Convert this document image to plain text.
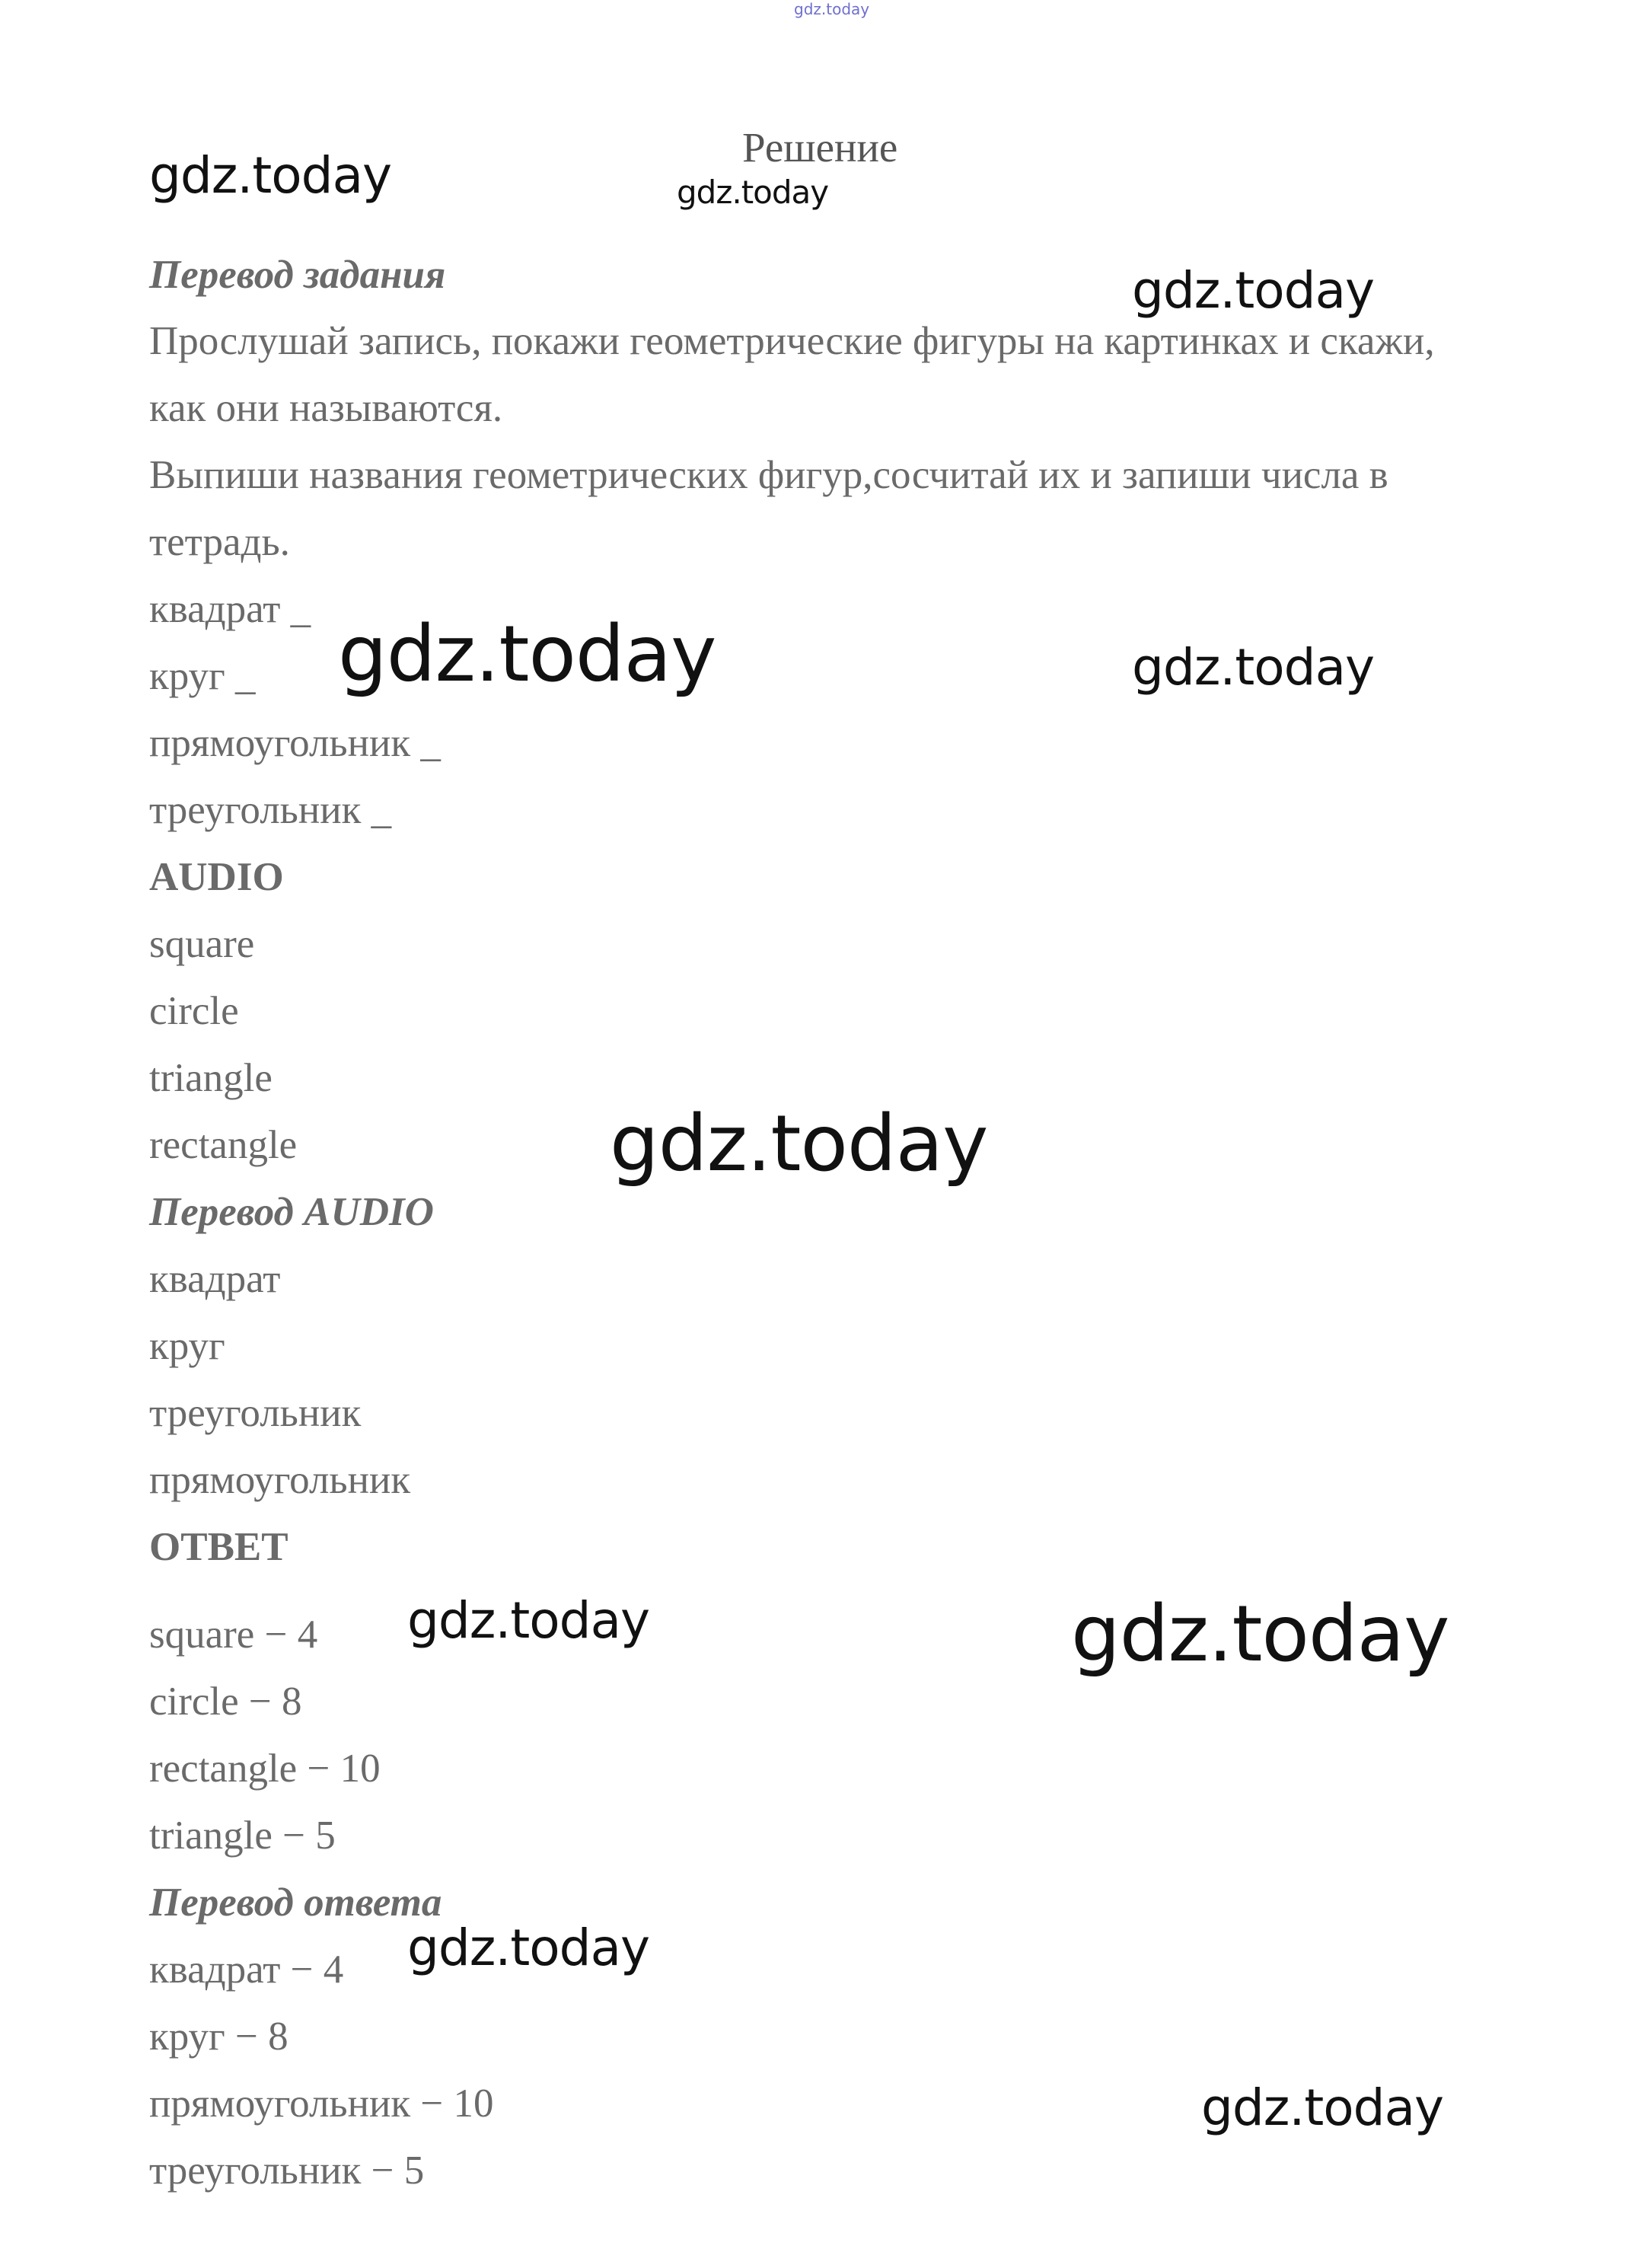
gdz.today
Решение
Перевод задания
Прослушай запись, покажи геометрические фигуры на картинках и скажи, как они называются.
Выпиши названия геометрических фигур,сосчитай их и запиши числа в тетрадь.
квадрат _
круг _
прямоугольник _
треугольник _
AUDIO
square
circle
triangle
rectangle
Перевод AUDIO
квадрат
круг
треугольник
прямоугольник
ОТВЕТ
square − 4
circle − 8
rectangle − 10
triangle − 5
Перевод ответа
квадрат − 4
круг − 8
прямоугольник − 10
треугольник − 5
gdz.today	gdz.today
gdz.today
gdz.today	gdz.today
gdz.today
gdz.today	gdz.today
gdz.today
gdz.today
